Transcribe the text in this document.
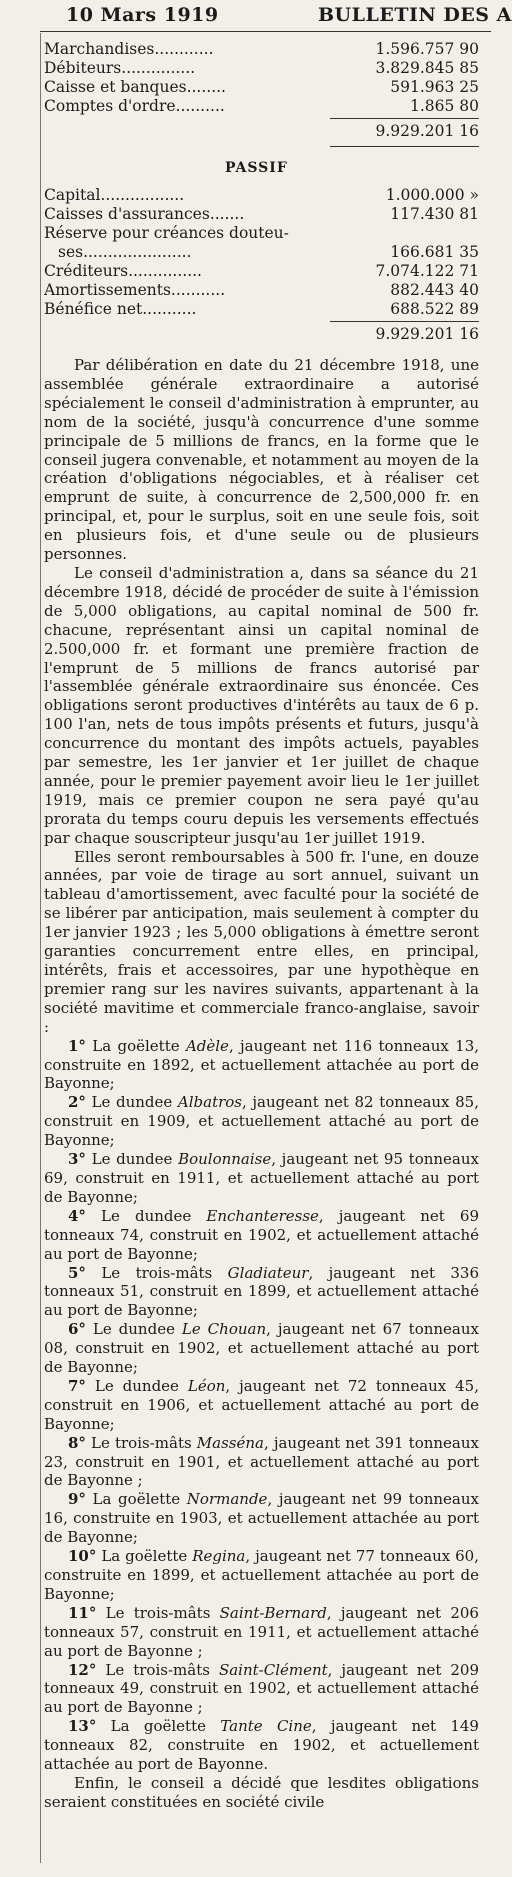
10 Mars 1919	BULLETIN DES A
Marchandises............	1.596.757 90
Débiteurs...............	3.829.845 85
Caisse et banques........	591.963 25
Comptes d'ordre..........	1.865 80
9.929.201 16
PASSIF
Capital.................	1.000.000 »
Caisses d'assurances.......	117.430 81
Réserve pour créances douteu-
ses......................	166.681 35
Créditeurs...............	7.074.122 71
Amortissements...........	882.443 40
Bénéfice net...........	688.522 89
9.929.201 16

Par délibération en date du 21 décembre 1918, une assemblée générale extraordinaire a autorisé spécialement le conseil d'administration à emprunter, au nom de la société, jusqu'à concurrence d'une somme principale de 5 millions de francs, en la forme que le conseil jugera convenable, et notamment au moyen de la création d'obligations négociables, et à réaliser cet emprunt de suite, à concurrence de 2,500,000 fr. en principal, et, pour le surplus, soit en une seule fois, soit en plusieurs fois, et d'une seule ou de plusieurs personnes.

Le conseil d'administration a, dans sa séance du 21 décembre 1918, décidé de procéder de suite à l'émission de 5,000 obligations, au capital nominal de 500 fr. chacune, représentant ainsi un capital nominal de 2.500,000 fr. et formant une première fraction de l'emprunt de 5 millions de francs autorisé par l'assemblée générale extraordinaire sus énoncée. Ces obligations seront productives d'intérêts au taux de 6 p. 100 l'an, nets de tous impôts présents et futurs, jusqu'à concurrence du montant des impôts actuels, payables par semestre, les 1er janvier et 1er juillet de chaque année, pour le premier payement avoir lieu le 1er juillet 1919, mais ce premier coupon ne sera payé qu'au prorata du temps couru depuis les versements effectués par chaque souscripteur jusqu'au 1er juillet 1919.

Elles seront remboursables à 500 fr. l'une, en douze années, par voie de tirage au sort annuel, suivant un tableau d'amortissement, avec faculté pour la société de se libérer par anticipation, mais seulement à compter du 1er janvier 1923 ; les 5,000 obligations à émettre seront garanties concurrement entre elles, en principal, intérêts, frais et accessoires, par une hypothèque en premier rang sur les navires suivants, appartenant à la société mavitime et commerciale franco-anglaise, savoir :

1° La goëlette Adèle, jaugeant net 116 tonneaux 13, construite en 1892, et actuellement attachée au port de Bayonne;

2° Le dundee Albatros, jaugeant net 82 tonneaux 85, construit en 1909, et actuellement attaché au port de Bayonne;

3° Le dundee Boulonnaise, jaugeant net 95 tonneaux 69, construit en 1911, et actuellement attaché au port de Bayonne;

4° Le dundee Enchanteresse, jaugeant net 69 tonneaux 74, construit en 1902, et actuellement attaché au port de Bayonne;

5° Le trois-mâts Gladiateur, jaugeant net 336 tonneaux 51, construit en 1899, et actuellement attaché au port de Bayonne;

6° Le dundee Le Chouan, jaugeant net 67 tonneaux 08, construit en 1902, et actuellement attaché au port de Bayonne;

7° Le dundee Léon, jaugeant net 72 tonneaux 45, construit en 1906, et actuellement attaché au port de Bayonne;

8° Le trois-mâts Masséna, jaugeant net 391 tonneaux 23, construit en 1901, et actuellement attaché au port de Bayonne ;

9° La goëlette Normande, jaugeant net 99 tonneaux 16, construite en 1903, et actuellement attachée au port de Bayonne;

10° La goëlette Regina, jaugeant net 77 tonneaux 60, construite en 1899, et actuellement attachée au port de Bayonne;

11° Le trois-mâts Saint-Bernard, jaugeant net 206 tonneaux 57, construit en 1911, et actuellement attaché au port de Bayonne ;

12° Le trois-mâts Saint-Clément, jaugeant net 209 tonneaux 49, construit en 1902, et actuellement attaché au port de Bayonne ;

13° La goëlette Tante Cine, jaugeant net 149 tonneaux 82, construite en 1902, et actuellement attachée au port de Bayonne.

Enfin, le conseil a décidé que lesdites obligations seraient constituées en société civile
